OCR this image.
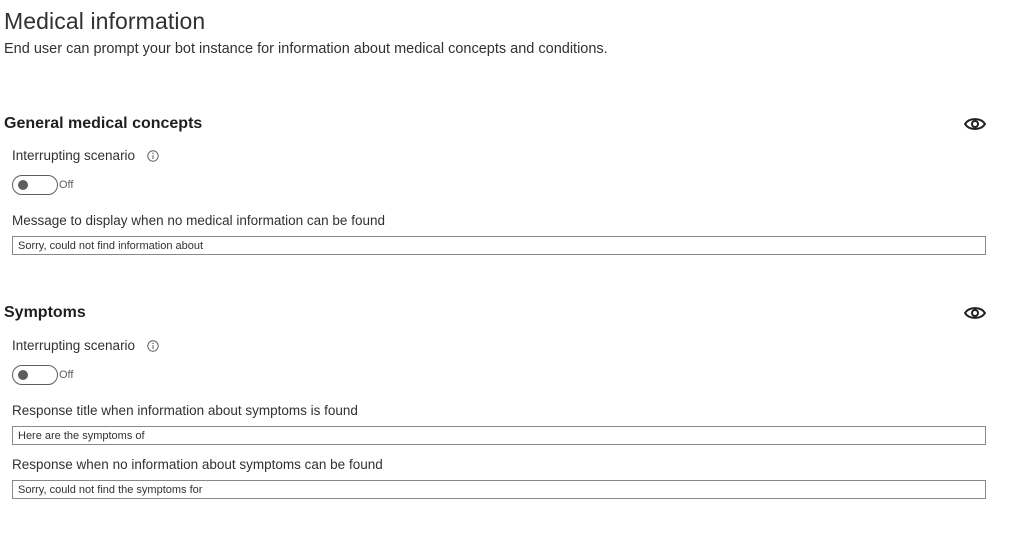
Medical information
End user can prompt your bot instance for information about medical concepts and conditions.
General medical concepts
Interrupting scenario
Off
Message to display when no medical information can be found
Sorry, could not find information about
Symptoms
Interrupting scenario
Off
Response title when information about symptoms is found
Here are the symptoms of
Response when no information about symptoms can be found
Sorry, could not find the symptoms for
